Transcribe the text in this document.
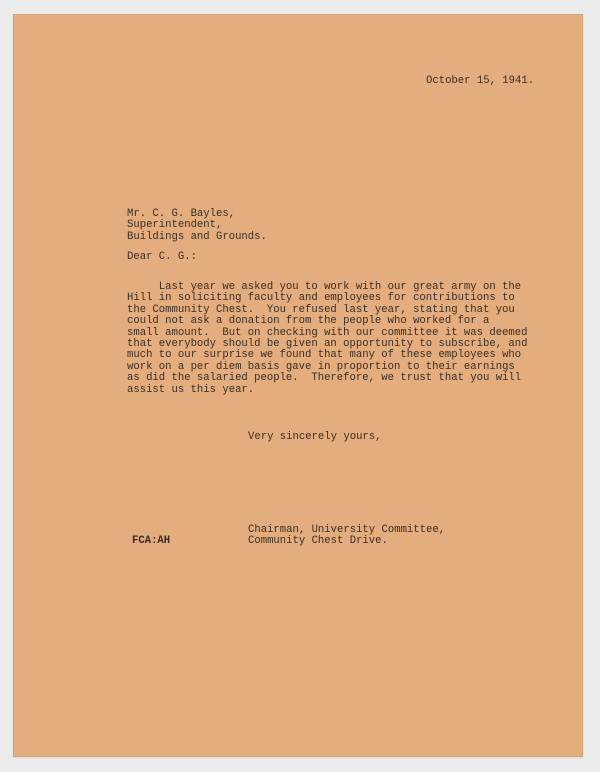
October 15, 1941.

Mr. C. G. Bayles,
Superintendent,
Buildings and Grounds.

Dear C. G.:

Last year we asked you to work with our great army on the
Hill in soliciting faculty and employees for contributions to
the Community Chest.  You refused last year, stating that you
could not ask a donation from the people who worked for a
small amount.  But on checking with our committee it was deemed
that everybody should be given an opportunity to subscribe, and
much to our surprise we found that many of these employees who
work on a per diem basis gave in proportion to their earnings
as did the salaried people.  Therefore, we trust that you will
assist us this year.

Very sincerely yours,

Chairman, University Committee,
Community Chest Drive.

FCA:AH
